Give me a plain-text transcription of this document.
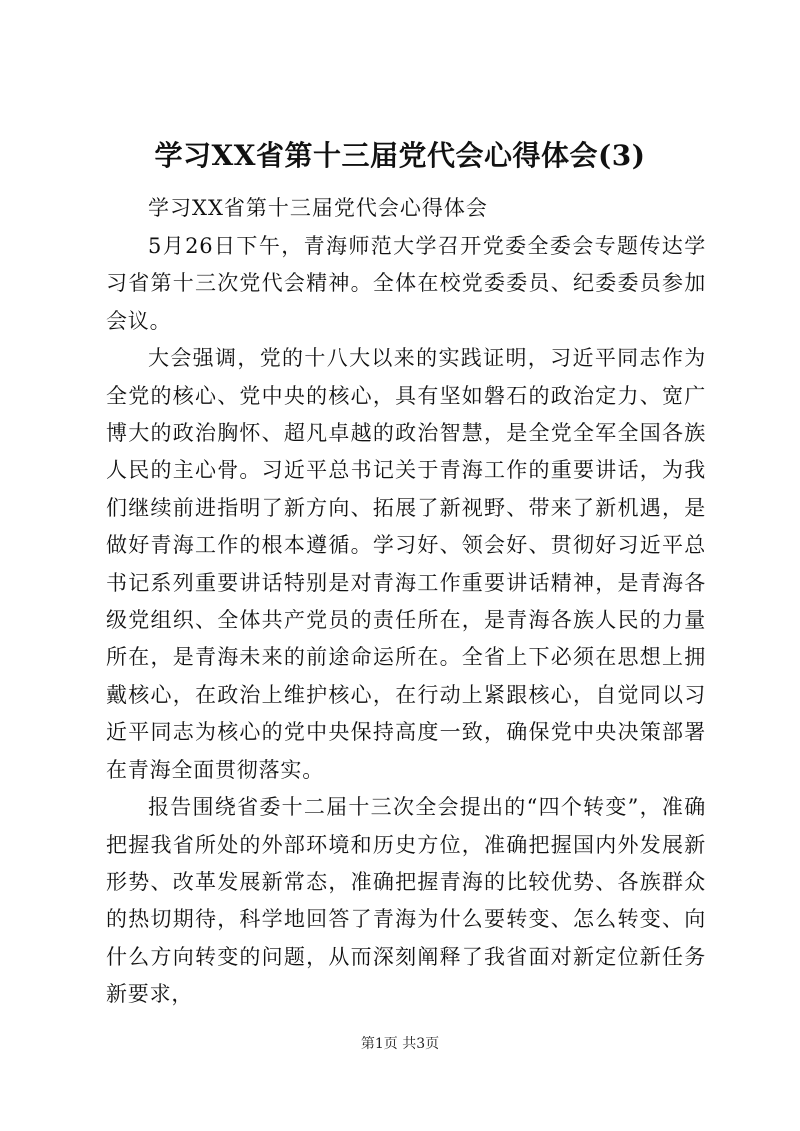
学习XX省第十三届党代会心得体会(3)
学习XX省第十三届党代会心得体会

5月26日下午，青海师范大学召开党委全委会专题传达学习省第十三次党代会精神。全体在校党委委员、纪委委员参加会议。

大会强调，党的十八大以来的实践证明，习近平同志作为全党的核心、党中央的核心，具有坚如磐石的政治定力、宽广博大的政治胸怀、超凡卓越的政治智慧，是全党全军全国各族人民的主心骨。习近平总书记关于青海工作的重要讲话，为我们继续前进指明了新方向、拓展了新视野、带来了新机遇，是做好青海工作的根本遵循。学习好、领会好、贯彻好习近平总书记系列重要讲话特别是对青海工作重要讲话精神，是青海各级党组织、全体共产党员的责任所在，是青海各族人民的力量所在，是青海未来的前途命运所在。全省上下必须在思想上拥戴核心，在政治上维护核心，在行动上紧跟核心，自觉同以习近平同志为核心的党中央保持高度一致，确保党中央决策部署在青海全面贯彻落实。

报告围绕省委十二届十三次全会提出的“四个转变”，准确把握我省所处的外部环境和历史方位，准确把握国内外发展新形势、改革发展新常态，准确把握青海的比较优势、各族群众的热切期待，科学地回答了青海为什么要转变、怎么转变、向什么方向转变的问题，从而深刻阐释了我省面对新定位新任务新要求，

第1页 共3页
